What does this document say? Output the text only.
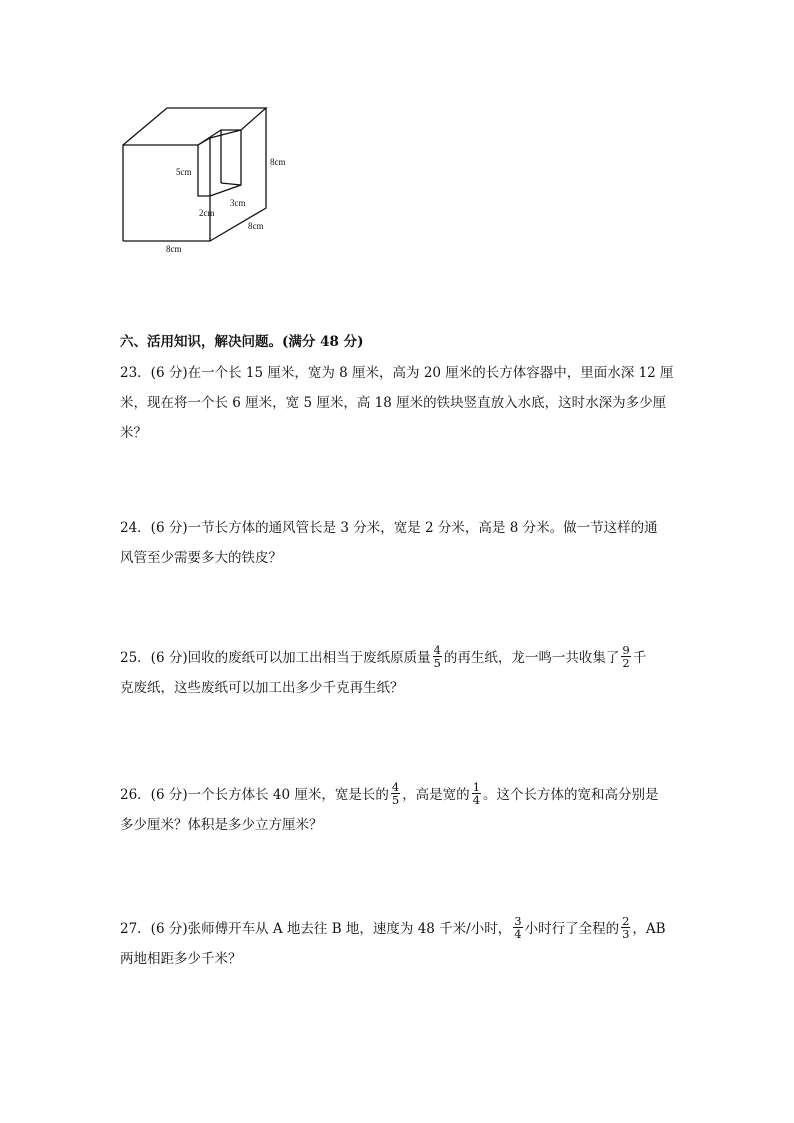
5cm
8cm
3cm
2cm
8cm
8cm
六、活用知识，解决问题。(满分 48 分)
23．(6 分)在一个长 15 厘米，宽为 8 厘米，高为 20 厘米的长方体容器中，里面水深 12 厘
米，现在将一个长 6 厘米，宽 5 厘米，高 18 厘米的铁块竖直放入水底，这时水深为多少厘
米？
24．(6 分)一节长方体的通风管长是 3 分米，宽是 2 分米，高是 8 分米。做一节这样的通
风管至少需要多大的铁皮？
25．(6 分)回收的废纸可以加工出相当于废纸原质量 $\frac{4}{5}$ 的再生纸，龙一鸣一共收集了 $\frac{9}{2}$ 千
克废纸，这些废纸可以加工出多少千克再生纸？
26．(6 分)一个长方体长 40 厘米，宽是长的 $\frac{4}{5}$ ，高是宽的 $\frac{1}{4}$ 。这个长方体的宽和高分别是
多少厘米？体积是多少立方厘米？
27．(6 分)张师傅开车从 A 地去往 B 地，速度为 48 千米/小时， $\frac{3}{4}$ 小时行了全程的 $\frac{2}{3}$ ，AB
两地相距多少千米？
